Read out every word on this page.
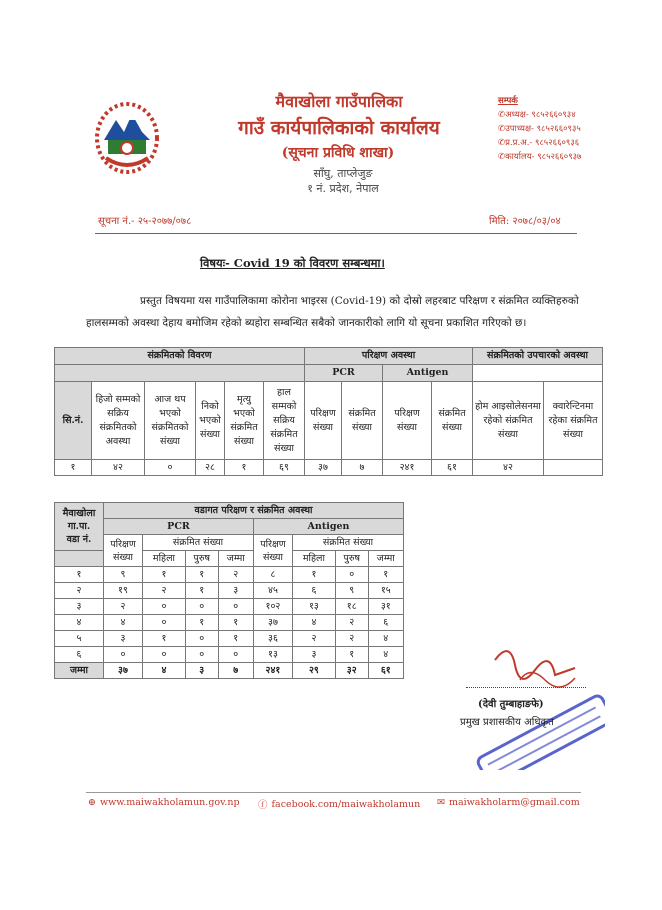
मैवाखोला गाउँपालिका
गाउँ कार्यपालिकाको कार्यालय
(सूचना प्रविधि शाखा)
साँघु, ताप्लेजुङ
१ नं. प्रदेश, नेपाल
सम्पर्क
✆अध्यक्ष- ९८५२६६०९३४
✆उपाध्यक्ष- ९८५२६६०९३५
✆प्र.प्र.अ.- ९८५२६६०९३६
✆कार्यालय- ९८५२६६०९३७
सूचना नं.- २५-२०७७/०७८	मिति: २०७८/०३/०४
विषयः- Covid 19 को विवरण सम्बन्धमा।
प्रस्तुत विषयमा यस गाउँपालिकामा कोरोना भाइरस (Covid-19) को दोस्रो लहरबाट परिक्षण र संक्रमित व्यक्तिहरुको हालसम्मको अवस्था देहाय बमोजिम रहेको ब्यहोरा सम्बन्धित सबैको जानकारीको लागि यो सूचना प्रकाशित गरिएको छ।
संक्रमितको विवरण						परिक्षण अवस्था				संक्रमितको उपचारको अवस्था	
						PCR		Antigen			
सि.नं.	हिजो सम्मको सक्रिय संक्रमितको अवस्था	आज थप भएको संक्रमितको संख्या	निको भएको संख्या	मृत्यु भएको संक्रमित संख्या	हाल सम्मको सक्रिय संक्रमित संख्या	परिक्षण संख्या	संक्रमित संख्या	परिक्षण संख्या	संक्रमित संख्या	होम आइसोलेसनमा रहेको संक्रमित संख्या	क्वारेन्टिनमा रहेका संक्रमित संख्या
१	४२	०	२८	१	६९	३७	७	२४१	६१	४२	
मैवाखोला
गा.पा.
वडा नं.	वडागत परिक्षण र संक्रमित अवस्था							
	PCR				Antigen			
	परिक्षण संख्या	संक्रमित संख्या			परिक्षण संख्या	संक्रमित संख्या		
		महिला	पुरुष	जम्मा		महिला	पुरुष	जम्मा
१	९	१	१	२	८	१	०	१
२	१९	२	१	३	४५	६	९	१५
३	२	०	०	०	१०२	१३	१८	३१
४	४	०	१	१	३७	४	२	६
५	३	१	०	१	३६	२	२	४
६	०	०	०	०	१३	३	१	४
जम्मा	३७	४	३	७	२४१	२९	३२	६१
(देवी तुम्बाहाङफे)
प्रमुख प्रशासकीय अधिकृत
⊕ www.maiwakholamun.gov.np ⓕ facebook.com/maiwakholamun ✉ maiwakholarm@gmail.com
